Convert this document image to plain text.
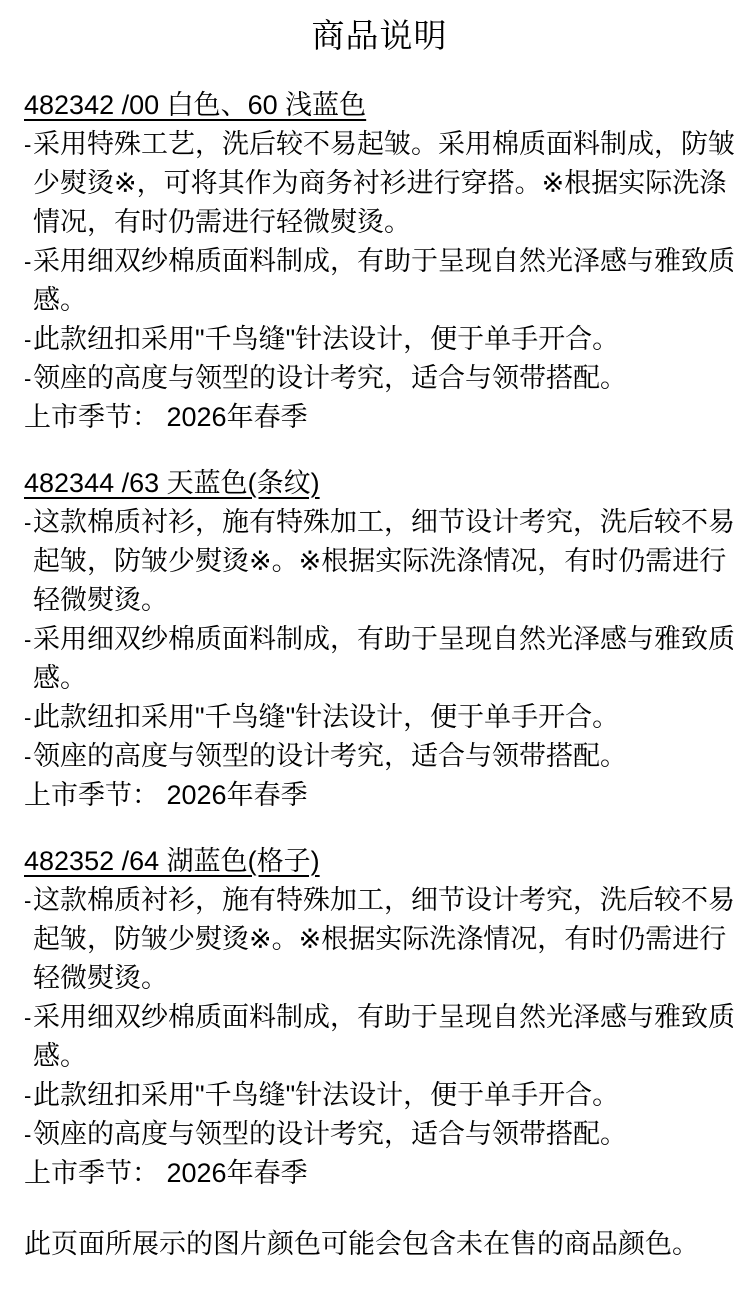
商品说明
482342 /00 白色、60 浅蓝色
- 采用特殊工艺，洗后较不易起皱。采用棉质面料制成，防皱少熨烫※，可将其作为商务衬衫进行穿搭。※根据实际洗涤情况，有时仍需进行轻微熨烫。
- 采用细双纱棉质面料制成，有助于呈现自然光泽感与雅致质感。
- 此款纽扣采用"千鸟缝"针法设计，便于单手开合。
- 领座的高度与领型的设计考究，适合与领带搭配。

上市季节： 2026年春季

482344 /63 天蓝色(条纹)
- 这款棉质衬衫，施有特殊加工，细节设计考究，洗后较不易起皱，防皱少熨烫※。※根据实际洗涤情况，有时仍需进行轻微熨烫。
- 采用细双纱棉质面料制成，有助于呈现自然光泽感与雅致质感。
- 此款纽扣采用"千鸟缝"针法设计，便于单手开合。
- 领座的高度与领型的设计考究，适合与领带搭配。

上市季节： 2026年春季

482352 /64 湖蓝色(格子)
- 这款棉质衬衫，施有特殊加工，细节设计考究，洗后较不易起皱，防皱少熨烫※。※根据实际洗涤情况，有时仍需进行轻微熨烫。
- 采用细双纱棉质面料制成，有助于呈现自然光泽感与雅致质感。
- 此款纽扣采用"千鸟缝"针法设计，便于单手开合。
- 领座的高度与领型的设计考究，适合与领带搭配。

上市季节： 2026年春季

此页面所展示的图片颜色可能会包含未在售的商品颜色。
